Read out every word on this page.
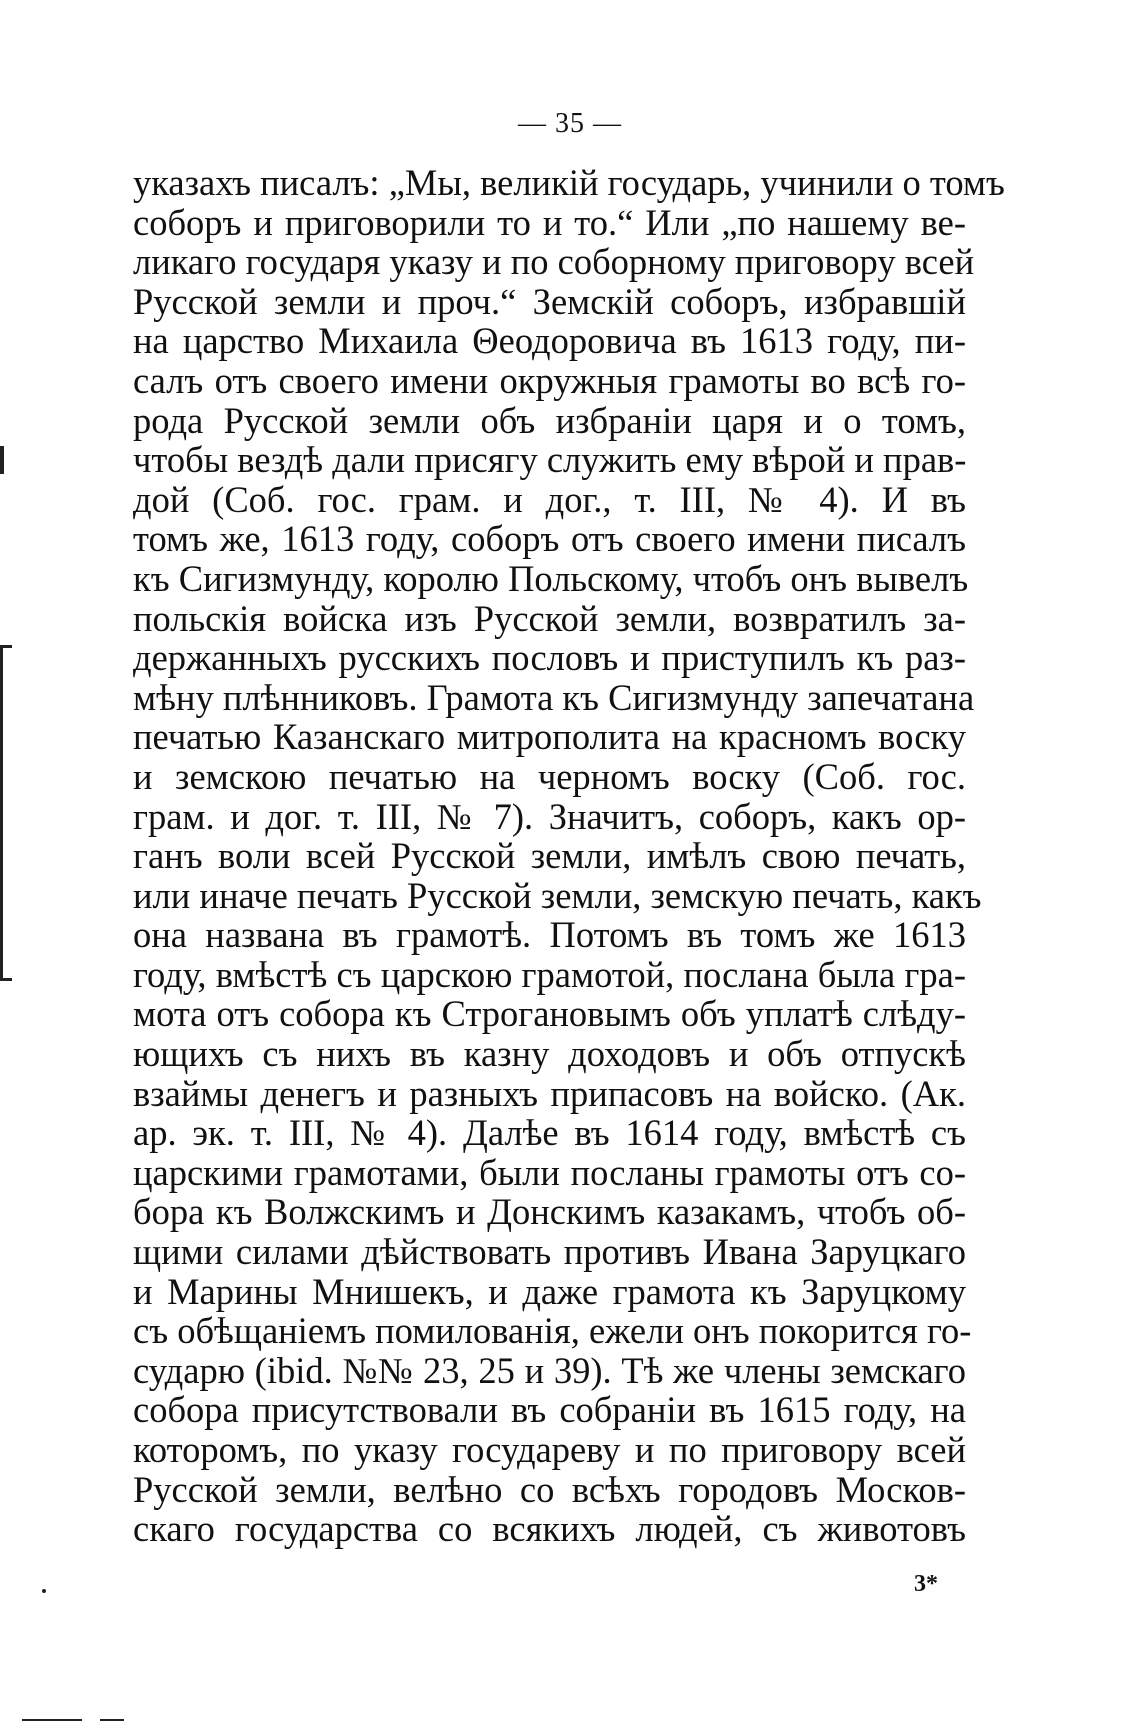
— 35 —
указахъ писалъ: „Мы, великій государь, учинили о томъ
соборъ и приговорили то и то.“ Или „по нашему ве-
ликаго государя указу и по соборному приговору всей
Русской земли и проч.“ Земскій соборъ, избравшій
на царство Михаила Θеодоровича въ 1613 году, пи-
салъ отъ своего имени окружныя грамоты во всѣ го-
рода Русской земли объ избраніи царя и о томъ,
чтобы вездѣ дали присягу служить ему вѣрой и прав-
дой (Соб. гос. грам. и дог., т. III, № 4). И въ
томъ же, 1613 году, соборъ отъ своего имени писалъ
къ Сигизмунду, королю Польскому, чтобъ онъ вывелъ
польскія войска изъ Русской земли, возвратилъ за-
держанныхъ русскихъ пословъ и приступилъ къ раз-
мѣну плѣнниковъ. Грамота къ Сигизмунду запечатана
печатью Казанскаго митрополита на красномъ воску
и земскою печатью на черномъ воску (Соб. гос.
грам. и дог. т. III, № 7). Значитъ, соборъ, какъ ор-
ганъ воли всей Русской земли, имѣлъ свою печать,
или иначе печать Русской земли, земскую печать, какъ
она названа въ грамотѣ. Потомъ въ томъ же 1613
году, вмѣстѣ съ царскою грамотой, послана была гра-
мота отъ собора къ Строгановымъ объ уплатѣ слѣду-
ющихъ съ нихъ въ казну доходовъ и объ отпускѣ
взаймы денегъ и разныхъ припасовъ на войско. (Ак.
ар. эк. т. III, № 4). Далѣе въ 1614 году, вмѣстѣ съ
царскими грамотами, были посланы грамоты отъ со-
бора къ Волжскимъ и Донскимъ казакамъ, чтобъ об-
щими силами дѣйствовать противъ Ивана Заруцкаго
и Марины Мнишекъ, и даже грамота къ Заруцкому
съ обѣщаніемъ помилованія, ежели онъ покорится го-
сударю (ibid. №№ 23, 25 и 39). Тѣ же члены земскаго
собора присутствовали въ собраніи въ 1615 году, на
которомъ, по указу государеву и по приговору всей
Русской земли, велѣно со всѣхъ городовъ Москов-
скаго государства со всякихъ людей, съ животовъ
3*
